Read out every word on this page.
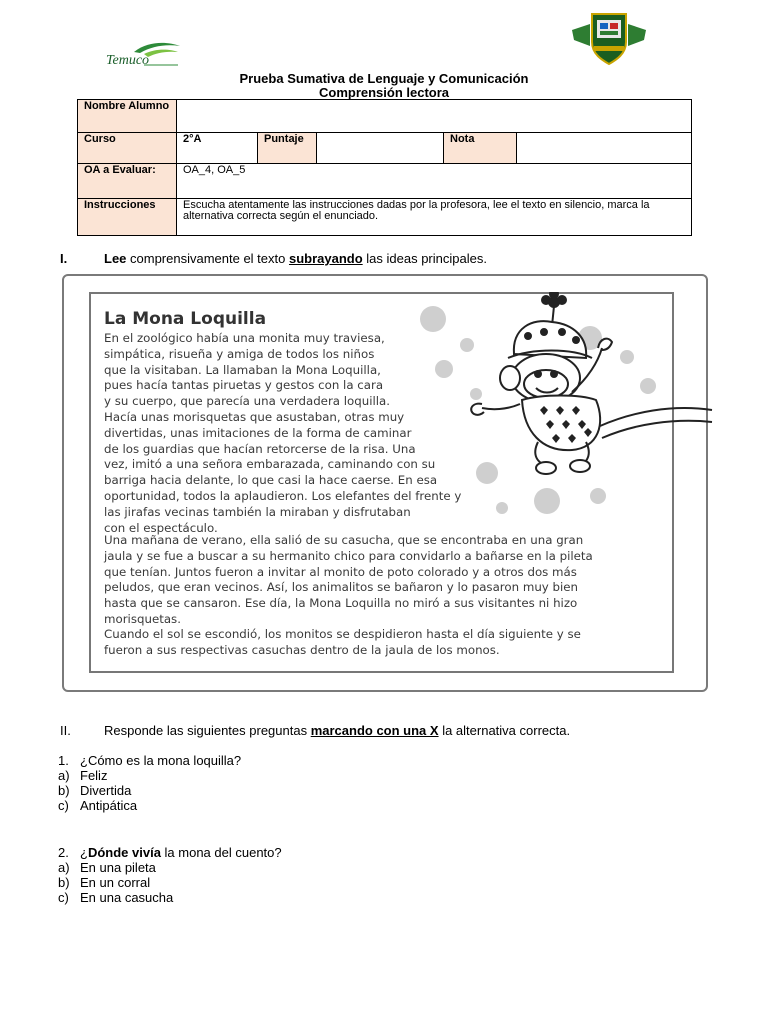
Temuco
Prueba Sumativa de Lenguaje y Comunicación
Comprensión lectora
Nombre Alumno					
Curso	2°A	Puntaje		Nota	
OA a Evaluar:	OA_4, OA_5				
Instrucciones	Escucha atentamente las instrucciones dadas por la profesora, lee el texto en silencio, marca la alternativa correcta según el enunciado.				
I.	Lee comprensivamente el texto subrayando las ideas principales.
La Mona Loquilla

En el zoológico había una monita muy traviesa,

simpática, risueña y amiga de todos los niños

que la visitaban. La llamaban la Mona Loquilla,

pues hacía tantas piruetas y gestos con la cara

y su cuerpo, que parecía una verdadera loquilla.

Hacía unas morisquetas que asustaban, otras muy

divertidas, unas imitaciones de la forma de caminar

de los guardias que hacían retorcerse de la risa. Una

vez, imitó a una señora embarazada, caminando con su

barriga hacia delante, lo que casi la hace caerse. En esa

oportunidad, todos la aplaudieron. Los elefantes del frente y

las jirafas vecinas también la miraban y disfrutaban

con el espectáculo.

Una mañana de verano, ella salió de su casucha, que se encontraba en una gran

jaula y se fue a buscar a su hermanito chico para convidarlo a bañarse en la pileta

que tenían. Juntos fueron a invitar al monito de poto colorado y a otros dos más

peludos, que eran vecinos. Así, los animalitos se bañaron y lo pasaron muy bien

hasta que se cansaron. Ese día, la Mona Loquilla no miró a sus visitantes ni hizo

morisquetas.

Cuando el sol se escondió, los monitos se despidieron hasta el día siguiente y se

fueron a sus respectivas casuchas dentro de la jaula de los monos.

II.	Responde las siguientes preguntas marcando con una X la alternativa correcta.
1. ¿Cómo es la mona loquilla?
a) Feliz
b) Divertida
c) Antipática
2. ¿Dónde vivía la mona del cuento?
a) En una pileta
b) En un corral
c) En una casucha
